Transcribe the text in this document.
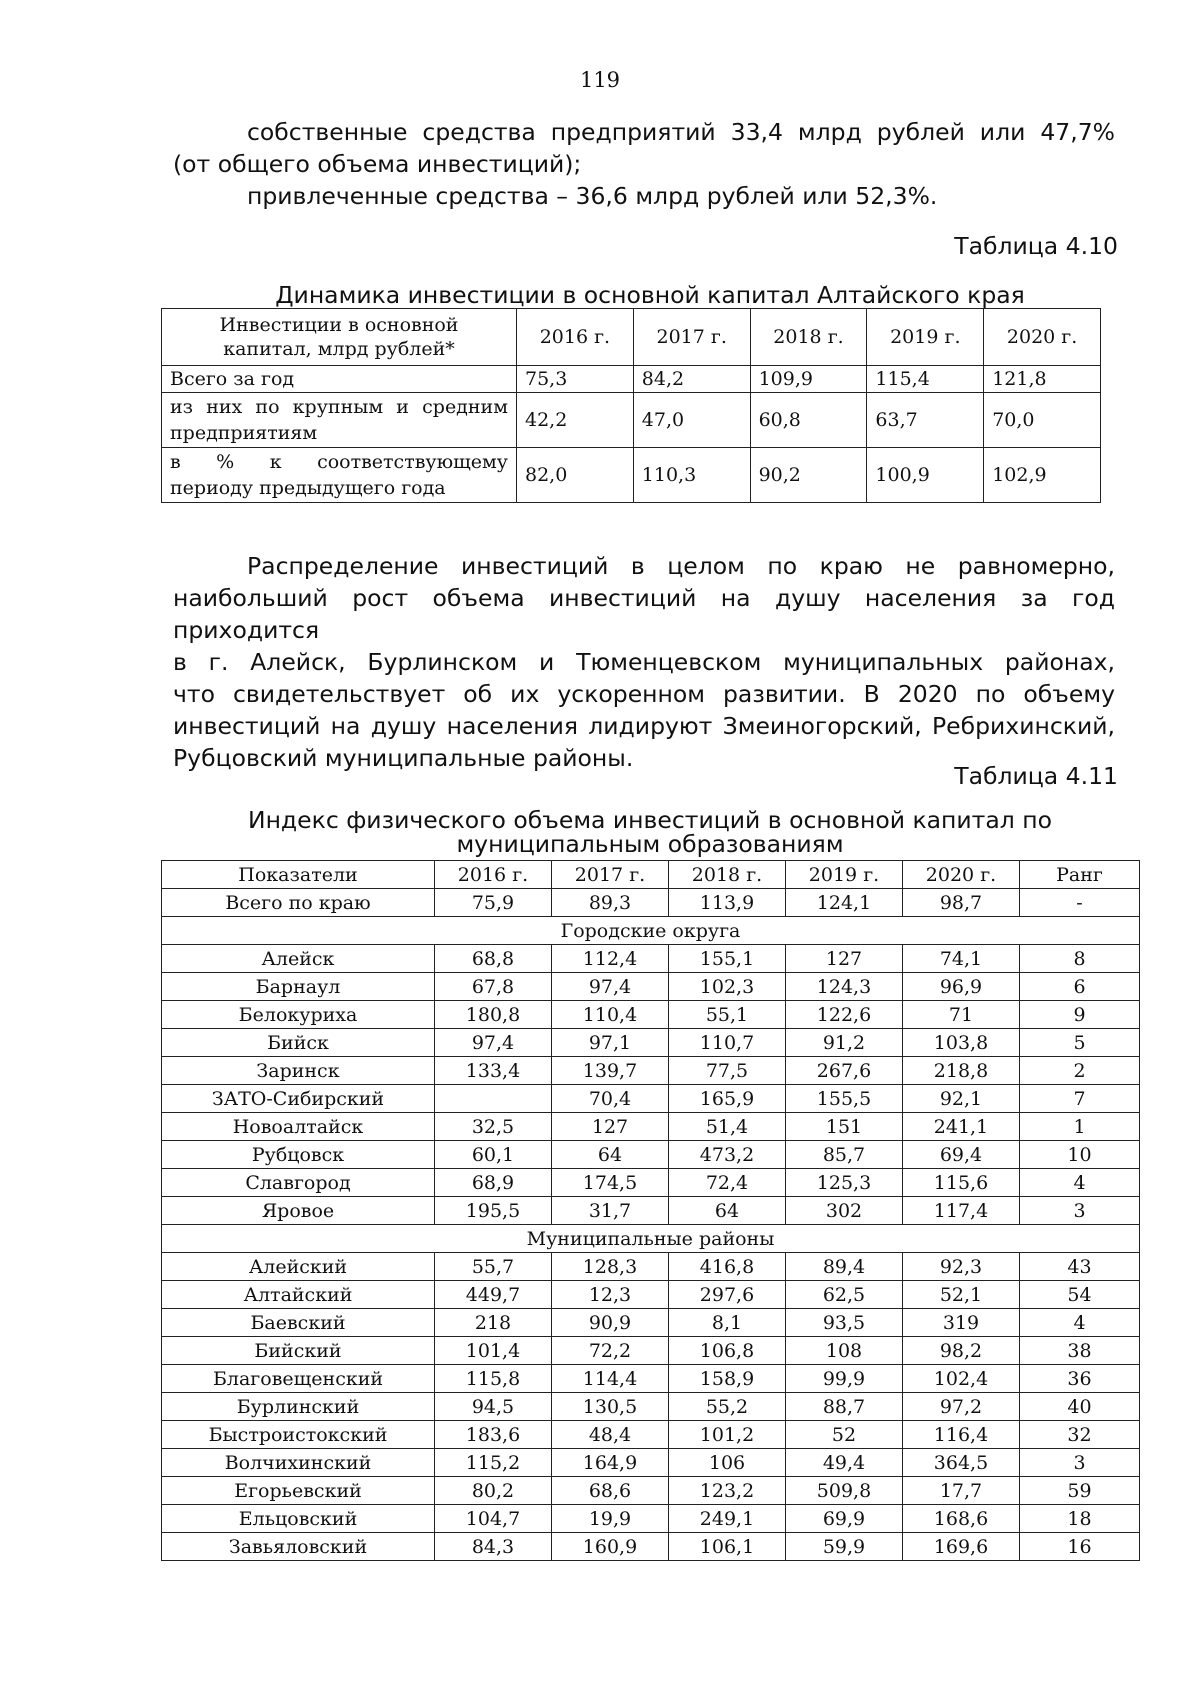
119
собственные средства предприятий 33,4 млрд рублей или 47,7%
(от общего объема инвестиций);
привлеченные средства – 36,6 млрд рублей или 52,3%.
Таблица 4.10
Динамика инвестиции в основной капитал Алтайского края
Инвестиции в основной
капитал, млрд рублей*	2016 г.	2017 г.	2018 г.	2019 г.	2020 г.
Всего за год	75,3	84,2	109,9	115,4	121,8

из них по крупным и средним
предприятиям	42,2	47,0	60,8	63,7	70,0

в % к соответствующему
периоду предыдущего года	82,0	110,3	90,2	100,9	102,9
Распределение инвестиций в целом по краю не равномерно,
наибольший рост объема инвестиций на душу населения за год приходится
в г. Алейск, Бурлинском и Тюменцевском муниципальных районах,
что свидетельствует об их ускоренном развитии. В 2020 по объему
инвестиций на душу населения лидируют Змеиногорский, Ребрихинский,
Рубцовский муниципальные районы.
Таблица 4.11
Индекс физического объема инвестиций в основной капитал по
муниципальным образованиям
Показатели	2016 г.	2017 г.	2018 г.	2019 г.	2020 г.	Ранг
Всего по краю	75,9	89,3	113,9	124,1	98,7	-
Городские округа						
Алейск	68,8	112,4	155,1	127	74,1	8
Барнаул	67,8	97,4	102,3	124,3	96,9	6
Белокуриха	180,8	110,4	55,1	122,6	71	9
Бийск	97,4	97,1	110,7	91,2	103,8	5
Заринск	133,4	139,7	77,5	267,6	218,8	2
ЗАТО-Сибирский		70,4	165,9	155,5	92,1	7
Новоалтайск	32,5	127	51,4	151	241,1	1
Рубцовск	60,1	64	473,2	85,7	69,4	10
Славгород	68,9	174,5	72,4	125,3	115,6	4
Яровое	195,5	31,7	64	302	117,4	3
Муниципальные районы						
Алейский	55,7	128,3	416,8	89,4	92,3	43
Алтайский	449,7	12,3	297,6	62,5	52,1	54
Баевский	218	90,9	8,1	93,5	319	4
Бийский	101,4	72,2	106,8	108	98,2	38
Благовещенский	115,8	114,4	158,9	99,9	102,4	36
Бурлинский	94,5	130,5	55,2	88,7	97,2	40
Быстроистокский	183,6	48,4	101,2	52	116,4	32
Волчихинский	115,2	164,9	106	49,4	364,5	3
Егорьевский	80,2	68,6	123,2	509,8	17,7	59
Ельцовский	104,7	19,9	249,1	69,9	168,6	18
Завьяловский	84,3	160,9	106,1	59,9	169,6	16
